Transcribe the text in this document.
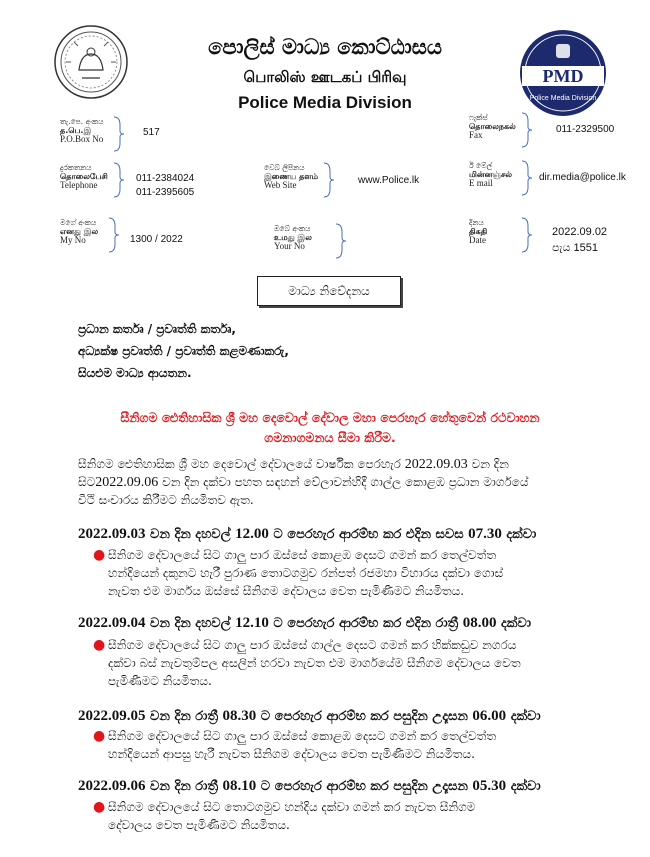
PMD
Police Media Division
පොලිස් මාධ්‍ය කොට්ඨාසය
பொலிஸ் ஊடகப் பிரிவு
Police Media Division
තැ.පෙ. අංකය
த.பெ.இ
P.O.Box No
517
ෆැක්ස්
தொலைநகல்
Fax	011-2329500
දුරකතනය
தொலைபேசி
Telephone
011-2384024
011-2395605
වෙබ් ලිපිනය
இணைய தளம்
Web Site	www.Police.lk
ඊ මේල්
மின்னஞ்சல்
E mail	dir.media@police.lk
මගේ අංකය
எனது இல
My No	1300 / 2022
ඔබේ අංකය
உமது இல
Your No
දිනය
திகதி
Date
2022.09.02
පැය 1551
මාධ්‍ය නිවේදනය
ප්‍රධාන කර්තෘ / ප්‍රවෘත්ති කර්තෘ,
අධ්‍යක්ෂ ප්‍රවෘත්ති / ප්‍රවෘත්ති කළමණාකරු,
සියළුම මාධ්‍ය ආයතන.
සීනිගම ඓතිහාසික ශ්‍රී මහ දෙවොල් දේවාල මහා පෙරහැර හේතුවෙන් රථවාහන
ගමනාගමනය සීමා කිරීම.
සීනිගම ඓතිහාසික ශ්‍රී මහ දෙවොල් දේවාලයේ වාර්ෂික පෙරහැර 2022.09.03 වන දින
සිට2022.09.06 වන දින දක්වා පහත සඳහන් වේලාවන්හිදී ගාල්ල කොළඹ ප්‍රධාන මාර්ගයේ
වීථි සංචාරය කිරීමට නියමිතව ඇත.
2022.09.03 වන දින දහවල් 12.00 ට පෙරහැර ආරම්භ කර එදින සවස 07.30 දක්වා
● සීනිගම දේවාලයේ සිට ගාලු පාර ඔස්සේ කොළඹ දෙසට ගමන් කර තෙල්වත්ත
හන්දියෙන් දකුනට හැරී පුරාණ තොටගමුව රන්පත් රජමහා විහාරය දක්වා ගොස්
නැවත එම මාර්ගය ඔස්සේ සීනිගම දේවාලය වෙත පැමිණීමට නියමිතය.
2022.09.04 වන දින දහවල් 12.10 ට පෙරහැර ආරම්භ කර එදින රාත්‍රී 08.00 දක්වා
● සීනිගම දේවාලයේ සිට ගාලු පාර ඔස්සේ ගාල්ල දෙසට ගමන් කර හික්කඩුව නගරය
දක්වා බස් නැවතුම්පල අසලින් හරවා නැවත එම මාර්ගයේම සීනිගම දේවාලය වෙත
පැමිණීමට නියමිතය.
2022.09.05 වන දින රාත්‍රී 08.30 ට පෙරහැර ආරම්භ කර පසුදින උදෑසන 06.00 දක්වා
● සීනිගම දේවාලයේ සිට ගාලු පාර ඔස්සේ කොළඹ දෙසට ගමන් කර තෙල්වත්ත
හන්දියෙන් ආපසු හැරී නැවත සීනිගම දේවාලය වෙත පැමිණීමට නියමිතය.
2022.09.06 වන දින රාත්‍රී 08.10 ට පෙරහැර ආරම්භ කර පසුදින උදෑසන 05.30 දක්වා
● සීනිගම දේවාලයේ සිට තොටගමුව හන්දිය දක්වා ගමන් කර නැවත සීනිගම
දේවාලය වෙත පැමිණීමට නියමිතය.
